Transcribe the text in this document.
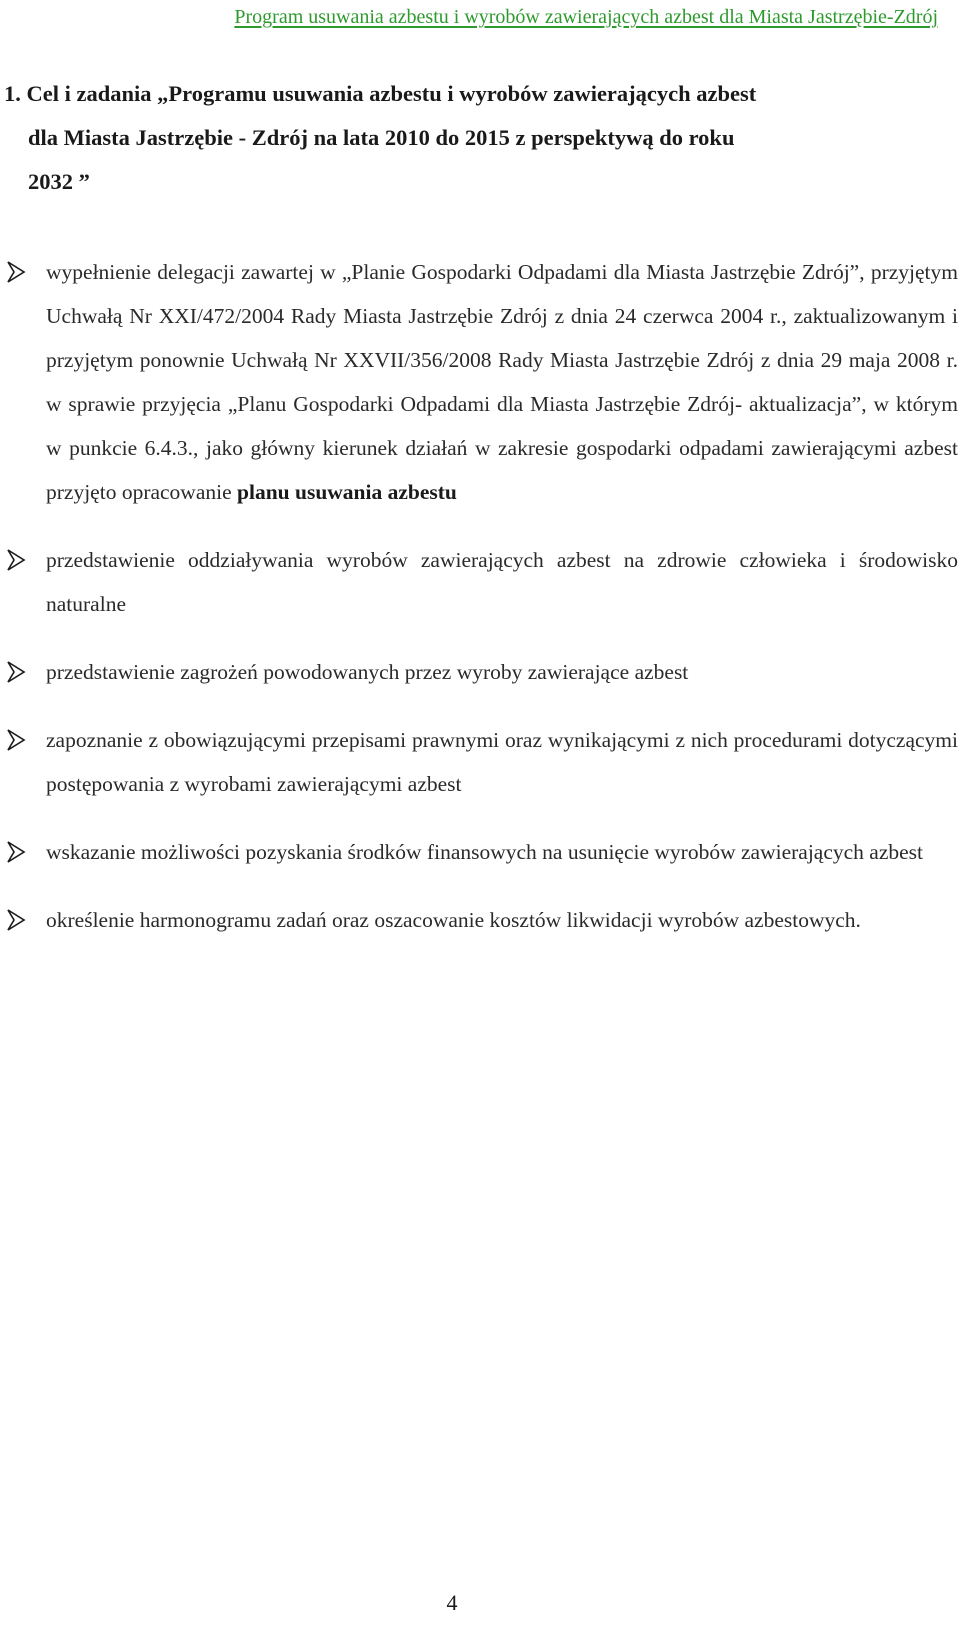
Program usuwania azbestu i wyrobów zawierających azbest dla Miasta Jastrzębie-Zdrój
1. Cel i zadania „Programu usuwania azbestu i wyrobów zawierających azbest
dla Miasta Jastrzębie - Zdrój na lata 2010 do 2015 z perspektywą do roku
2032 ”
wypełnienie delegacji zawartej w „Planie Gospodarki Odpadami dla Miasta Jastrzębie Zdrój”, przyjętym Uchwałą Nr XXI/472/2004 Rady Miasta Jastrzębie Zdrój z dnia 24 czerwca 2004 r., zaktualizowanym i przyjętym ponownie Uchwałą Nr XXVII/356/2008 Rady Miasta Jastrzębie Zdrój z dnia 29 maja 2008 r. w sprawie przyjęcia „Planu Gospodarki Odpadami dla Miasta Jastrzębie Zdrój- aktualizacja”, w którym w punkcie 6.4.3., jako główny kierunek działań w zakresie gospodarki odpadami zawierającymi azbest przyjęto opracowanie planu usuwania azbestu
przedstawienie oddziaływania wyrobów zawierających azbest na zdrowie człowieka i środowisko naturalne
przedstawienie zagrożeń powodowanych przez wyroby zawierające azbest
zapoznanie z obowiązującymi przepisami prawnymi oraz wynikającymi z nich procedurami dotyczącymi postępowania z wyrobami zawierającymi azbest
wskazanie możliwości pozyskania środków finansowych na usunięcie wyrobów zawierających azbest
określenie harmonogramu zadań oraz oszacowanie kosztów likwidacji wyrobów azbestowych.
4
